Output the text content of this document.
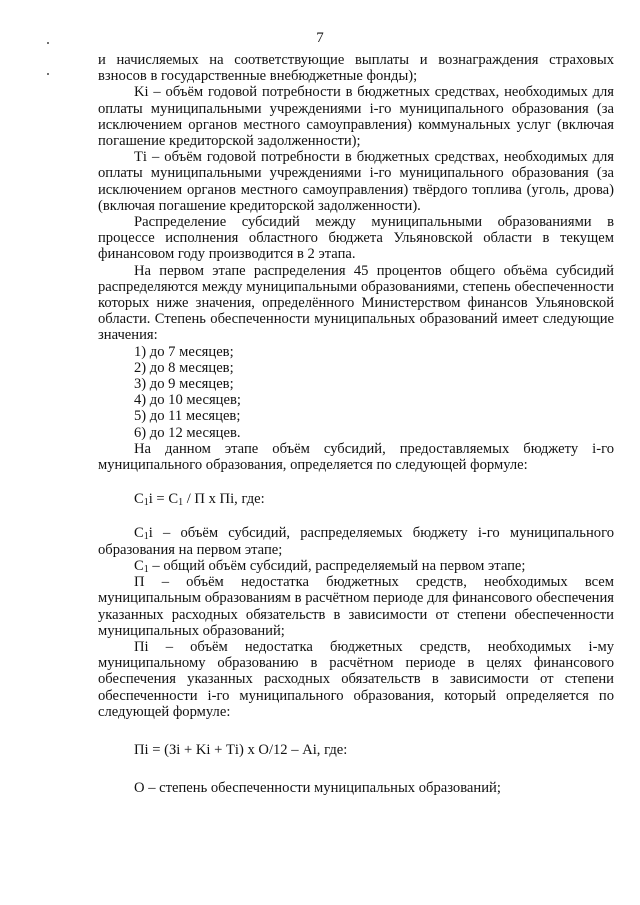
7

и начисляемых на соответствующие выплаты и вознаграждения страховых взносов в государственные внебюджетные фонды);

Ki – объём годовой потребности в бюджетных средствах, необходимых для оплаты муниципальными учреждениями i-го муниципального образования (за исключением органов местного самоуправления) коммунальных услуг (включая погашение кредиторской задолженности);

Тi – объём годовой потребности в бюджетных средствах, необходимых для оплаты муниципальными учреждениями i-го муниципального образования (за исключением органов местного самоуправления) твёрдого топлива (уголь, дрова) (включая погашение кредиторской задолженности).

Распределение субсидий между муниципальными образованиями в процессе исполнения областного бюджета Ульяновской области в текущем финансовом году производится в 2 этапа.

На первом этапе распределения 45 процентов общего объёма субсидий распределяются между муниципальными образованиями, степень обеспеченности которых ниже значения, определённого Министерством финансов Ульяновской области. Степень обеспеченности муниципальных образований имеет следующие значения:

1) до 7 месяцев;
2) до 8 месяцев;
3) до 9 месяцев;
4) до 10 месяцев;
5) до 11 месяцев;
6) до 12 месяцев.

На данном этапе объём субсидий, предоставляемых бюджету i-го муниципального образования, определяется по следующей формуле:

$C_1i = C_1 / П$ x Пi, где:

$C_1i$ – объём субсидий, распределяемых бюджету i-го муниципального образования на первом этапе;

$C_1$ – общий объём субсидий, распределяемый на первом этапе;

П – объём недостатка бюджетных средств, необходимых всем муниципальным образованиям в расчётном периоде для финансового обеспечения указанных расходных обязательств в зависимости от степени обеспеченности муниципальных образований;

Пi – объём недостатка бюджетных средств, необходимых i-му муниципальному образованию в расчётном периоде в целях финансового обеспечения указанных расходных обязательств в зависимости от степени обеспеченности i-го муниципального образования, который определяется по следующей формуле:

Пi = (Зi + Ki + Тi) x О/12 – Аi, где:

О – степень обеспеченности муниципальных образований;
